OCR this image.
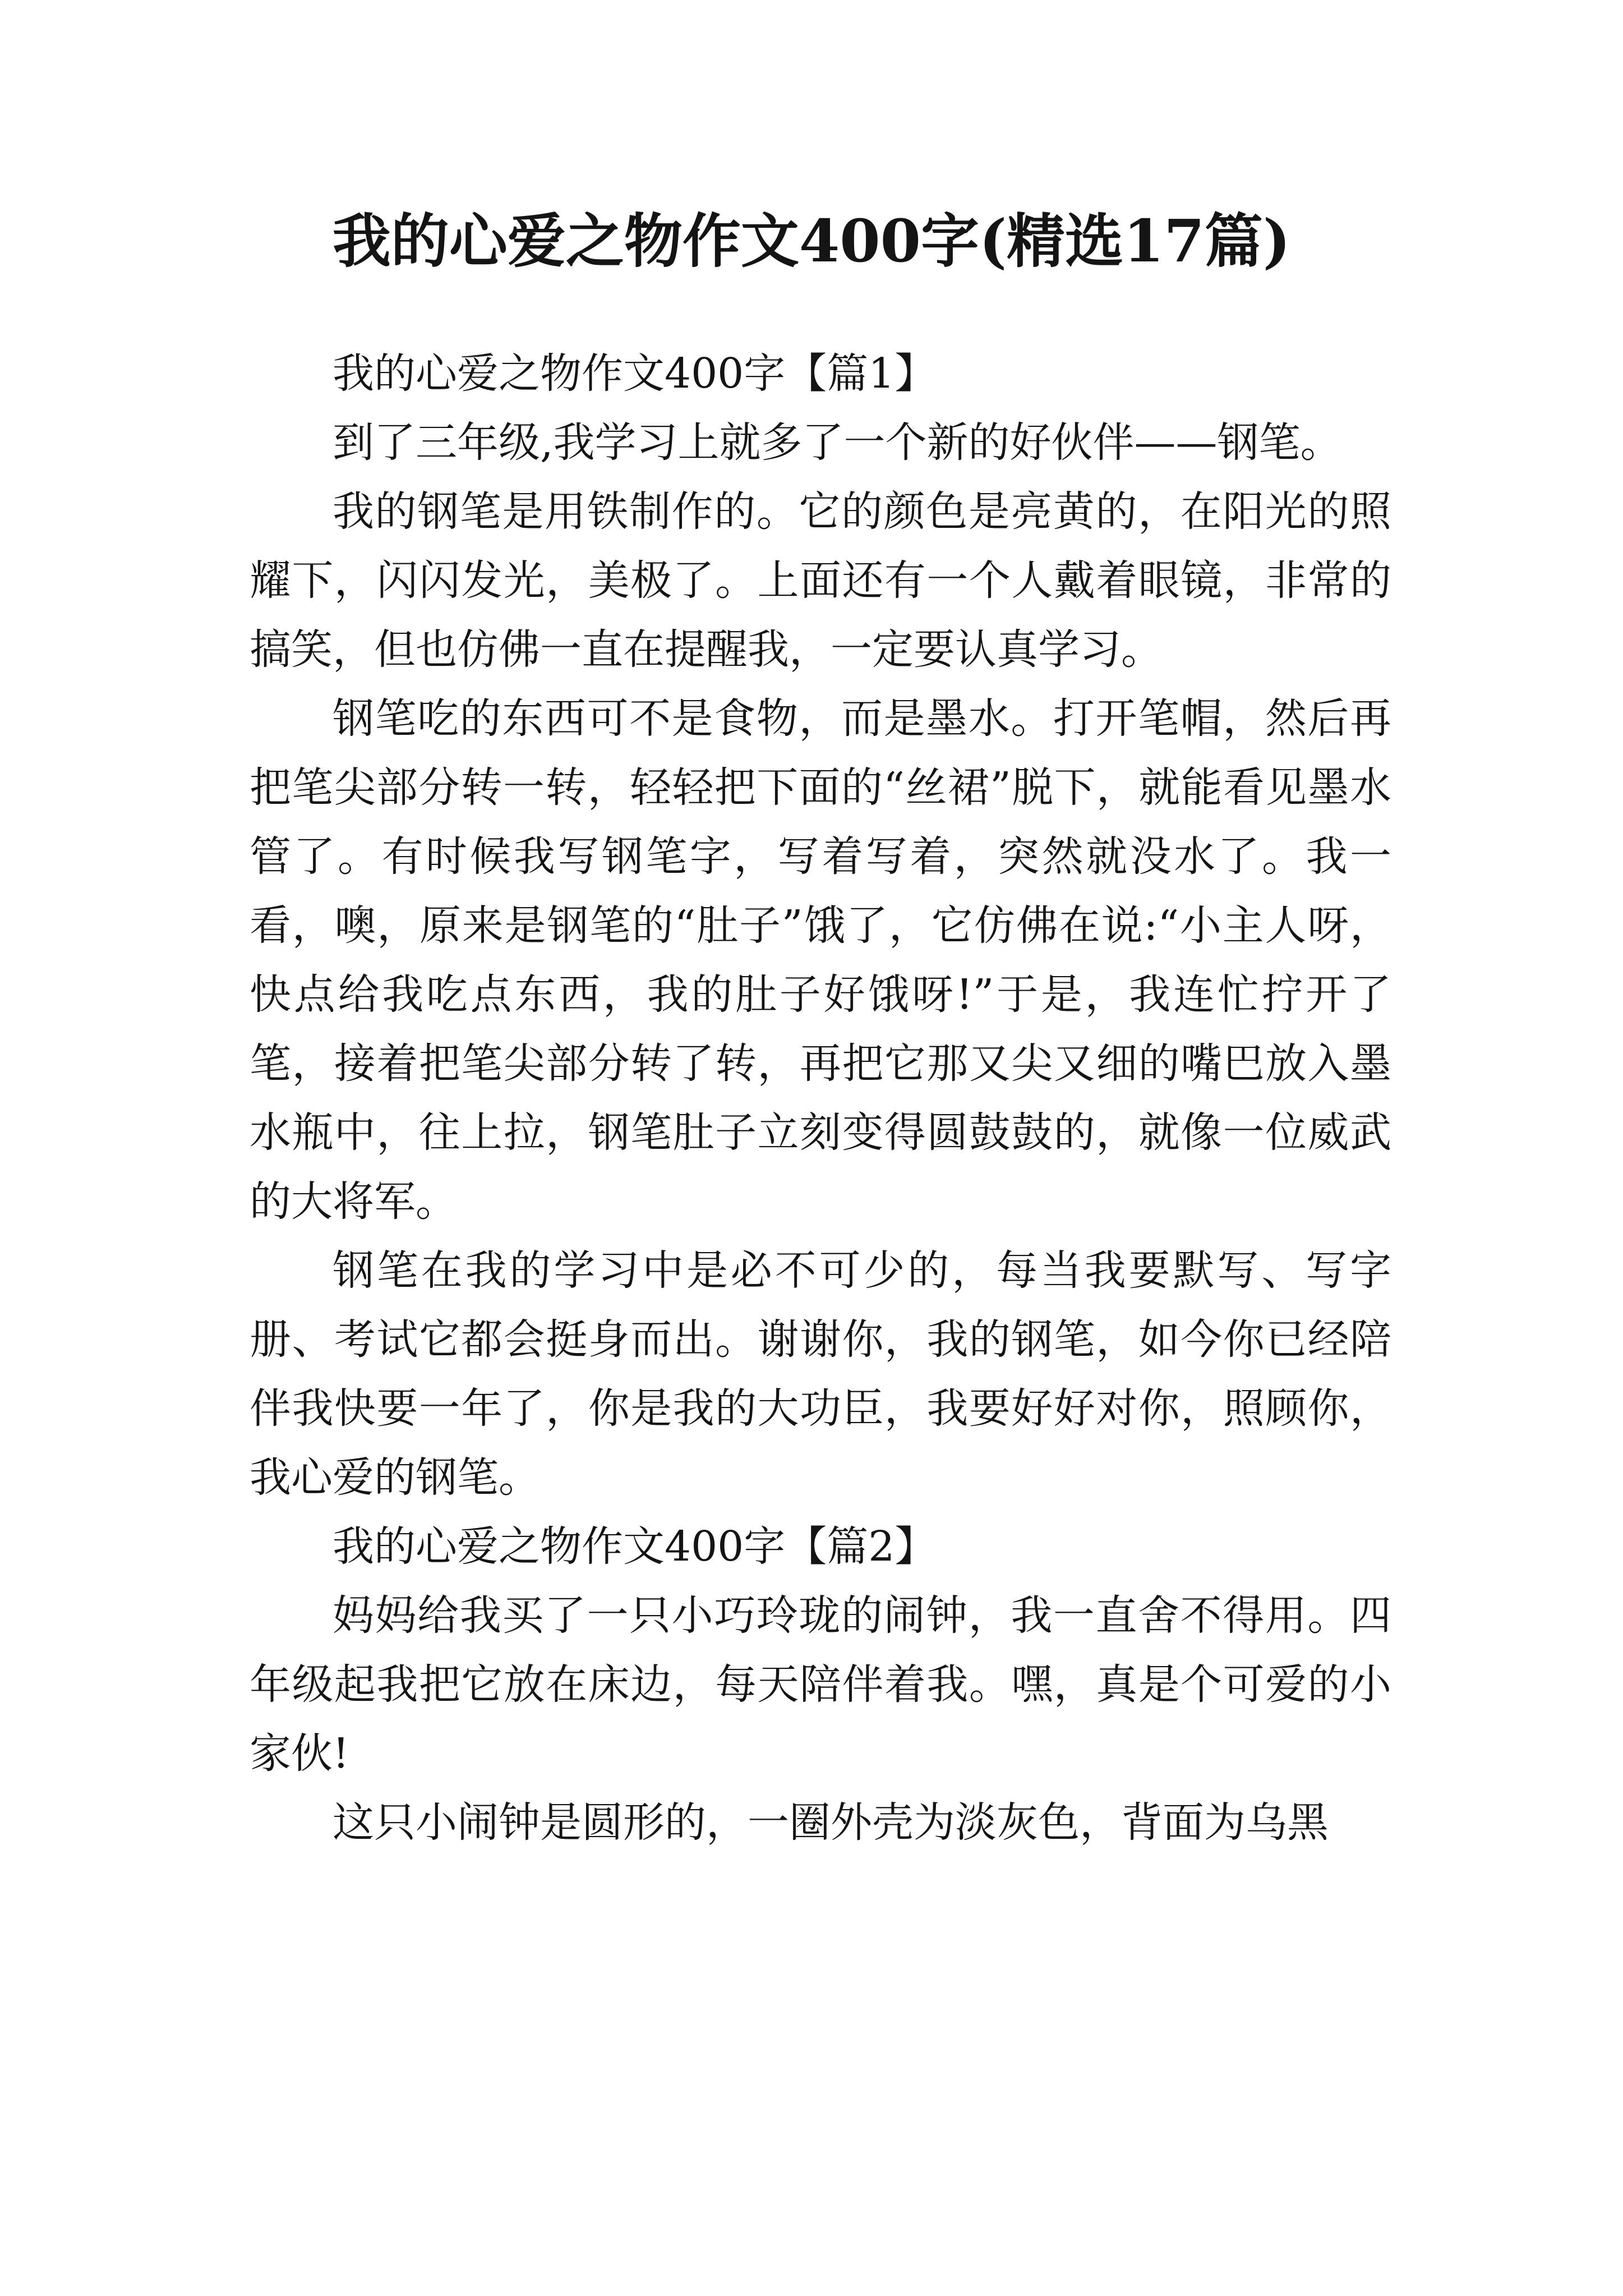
我的心爱之物作文400字(精选17篇)

我的心爱之物作文400字【篇1】

到了三年级,我学习上就多了一个新的好伙伴——钢笔。

我的钢笔是用铁制作的。它的颜色是亮黄的，在阳光的照耀下，闪闪发光，美极了。上面还有一个人戴着眼镜，非常的搞笑，但也仿佛一直在提醒我，一定要认真学习。

钢笔吃的东西可不是食物，而是墨水。打开笔帽，然后再把笔尖部分转一转，轻轻把下面的“丝裙”脱下，就能看见墨水管了。有时候我写钢笔字，写着写着，突然就没水了。我一看，噢，原来是钢笔的“肚子”饿了，它仿佛在说:“小主人呀，快点给我吃点东西，我的肚子好饿呀!”于是，我连忙拧开了笔，接着把笔尖部分转了转，再把它那又尖又细的嘴巴放入墨水瓶中，往上拉，钢笔肚子立刻变得圆鼓鼓的，就像一位威武的大将军。

钢笔在我的学习中是必不可少的，每当我要默写、写字册、考试它都会挺身而出。谢谢你，我的钢笔，如今你已经陪伴我快要一年了，你是我的大功臣，我要好好对你，照顾你，我心爱的钢笔。

我的心爱之物作文400字【篇2】

妈妈给我买了一只小巧玲珑的闹钟，我一直舍不得用。四年级起我把它放在床边，每天陪伴着我。嘿，真是个可爱的小家伙!

这只小闹钟是圆形的，一圈外壳为淡灰色，背面为乌黑
